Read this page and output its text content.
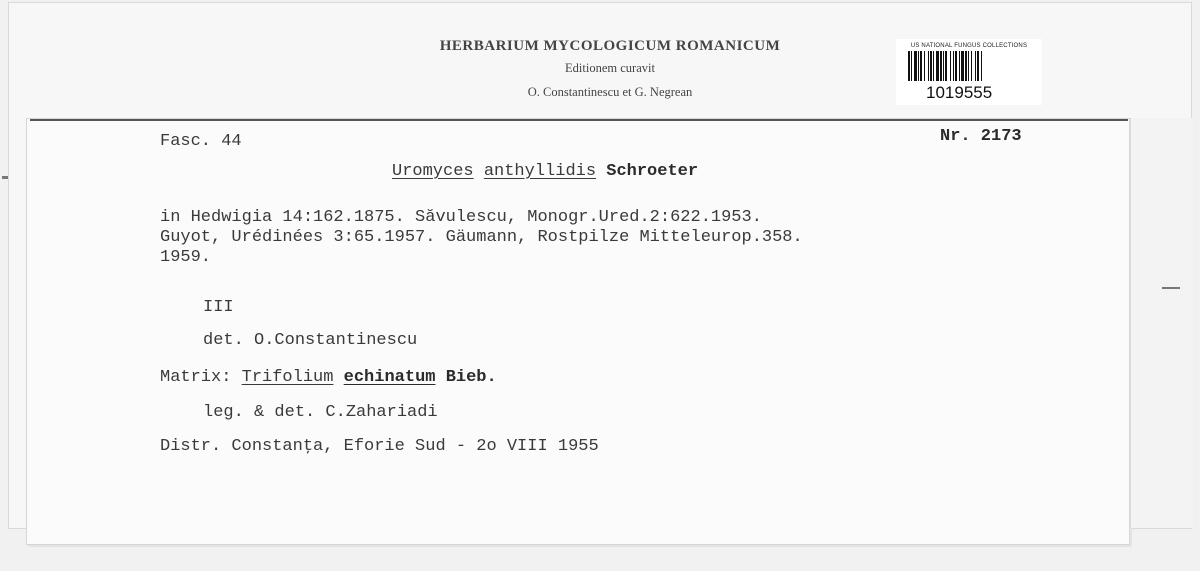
HERBARIUM MYCOLOGICUM ROMANICUM
Editionem curavit
O. Constantinescu et G. Negrean
US NATIONAL FUNGUS COLLECTIONS
1019555
Fasc. 44	Nr. 2173
Uromyces anthyllidis Schroeter
in Hedwigia 14:162.1875. Săvulescu, Monogr.Ured.2:622.1953.
Guyot, Urédinées 3:65.1957. Gäumann, Rostpilze Mitteleurop.358.
1959.
III
det. O.Constantinescu
Matrix: Trifolium echinatum Bieb.
leg. & det. C.Zahariadi
Distr. Constanţa, Eforie Sud - 2o VIII 1955
